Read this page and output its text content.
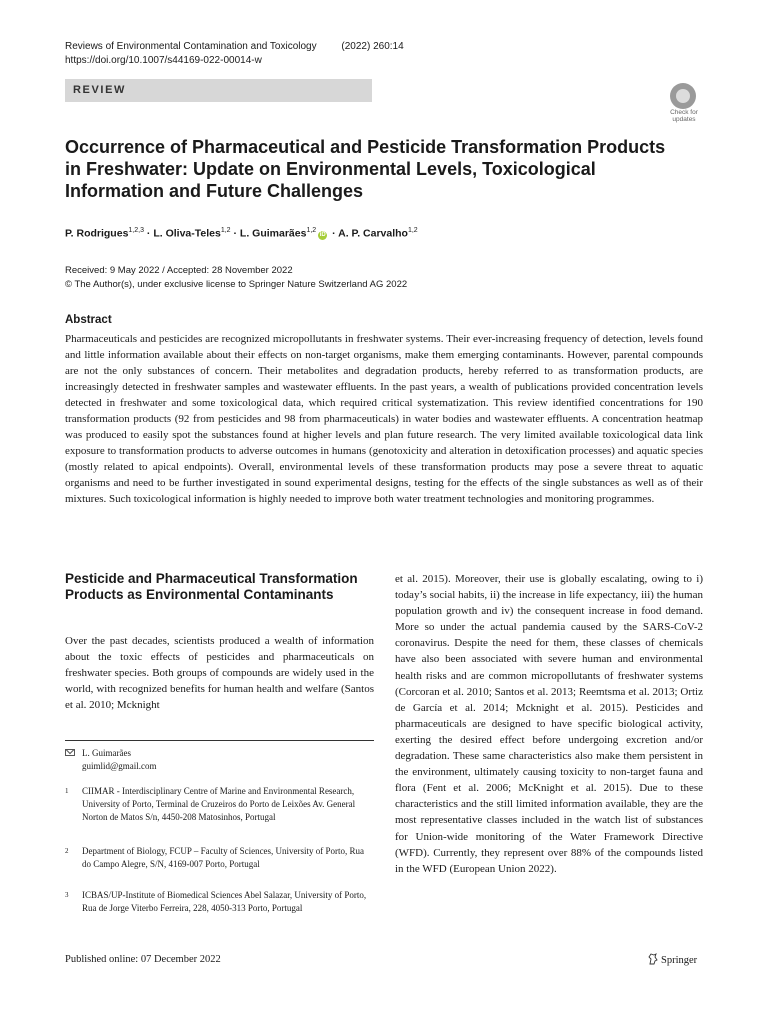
Reviews of Environmental Contamination and Toxicology (2022) 260:14
https://doi.org/10.1007/s44169-022-00014-w
REVIEW
Check for updates
Occurrence of Pharmaceutical and Pesticide Transformation Products in Freshwater: Update on Environmental Levels, Toxicological Information and Future Challenges
P. Rodrigues$^{1,2,3}$ · L. Oliva-Teles$^{1,2}$ · L. Guimarães$^{1,2}$iD · A. P. Carvalho$^{1,2}$
Received: 9 May 2022 / Accepted: 28 November 2022
© The Author(s), under exclusive license to Springer Nature Switzerland AG 2022
Abstract
Pharmaceuticals and pesticides are recognized micropollutants in freshwater systems. Their ever-increasing frequency of detection, levels found and little information available about their effects on non-target organisms, make them emerging contaminants. However, parental compounds are not the only substances of concern. Their metabolites and degradation products, hereby referred to as transformation products, are increasingly detected in freshwater samples and wastewater effluents. In the past years, a wealth of publications provided concentration levels detected in freshwater and some toxicological data, which required critical systematization. This review identified concentrations for 190 transformation products (92 from pesticides and 98 from pharmaceuticals) in water bodies and wastewater effluents. A concentration heatmap was produced to easily spot the substances found at higher levels and plan future research. The very limited available toxicological data link exposure to transformation products to adverse outcomes in humans (genotoxicity and alteration in detoxification processes) and aquatic species (mostly related to apical endpoints). Overall, environmental levels of these transformation products may pose a severe threat to aquatic organisms and need to be further investigated in sound experimental designs, testing for the effects of the single substances as well as of their mixtures. Such toxicological information is highly needed to improve both water treatment technologies and monitoring programmes.
Pesticide and Pharmaceutical Transformation Products as Environmental Contaminants
Over the past decades, scientists produced a wealth of information about the toxic effects of pesticides and pharmaceuticals on freshwater species. Both groups of compounds are widely used in the world, with recognized benefits for human health and welfare (Santos et al. 2010; Mcknight
et al. 2015). Moreover, their use is globally escalating, owing to i) today’s social habits, ii) the increase in life expectancy, iii) the human population growth and iv) the consequent increase in food demand. More so under the actual pandemia caused by the SARS-CoV-2 coronavirus. Despite the need for them, these classes of chemicals have also been associated with severe human and environmental health risks and are common micropollutants of freshwater systems (Corcoran et al. 2010; Santos et al. 2013; Reemtsma et al. 2013; Ortiz de García et al. 2014; Mcknight et al. 2015). Pesticides and pharmaceuticals are designed to have specific biological activity, exerting the desired effect before undergoing excretion and/or degradation. These same characteristics also make them persistent in the environment, ultimately causing toxicity to non-target fauna and flora (Fent et al. 2006; McKnight et al. 2015). Due to these characteristics and the still limited information available, they are the most representative classes included in the watch list of substances for Union-wide monitoring of the Water Framework Directive (WFD). Currently, they represent over 88% of the compounds listed in the WFD (European Union 2022).
L. Guimarães
guimlid@gmail.com
1 CIIMAR - Interdisciplinary Centre of Marine and Environmental Research, University of Porto, Terminal de Cruzeiros do Porto de Leixões Av. General Norton de Matos S/n, 4450-208 Matosinhos, Portugal
2 Department of Biology, FCUP – Faculty of Sciences, University of Porto, Rua do Campo Alegre, S/N, 4169-007 Porto, Portugal
3 ICBAS/UP-Institute of Biomedical Sciences Abel Salazar, University of Porto, Rua de Jorge Viterbo Ferreira, 228, 4050-313 Porto, Portugal
Published online: 07 December 2022	Springer
